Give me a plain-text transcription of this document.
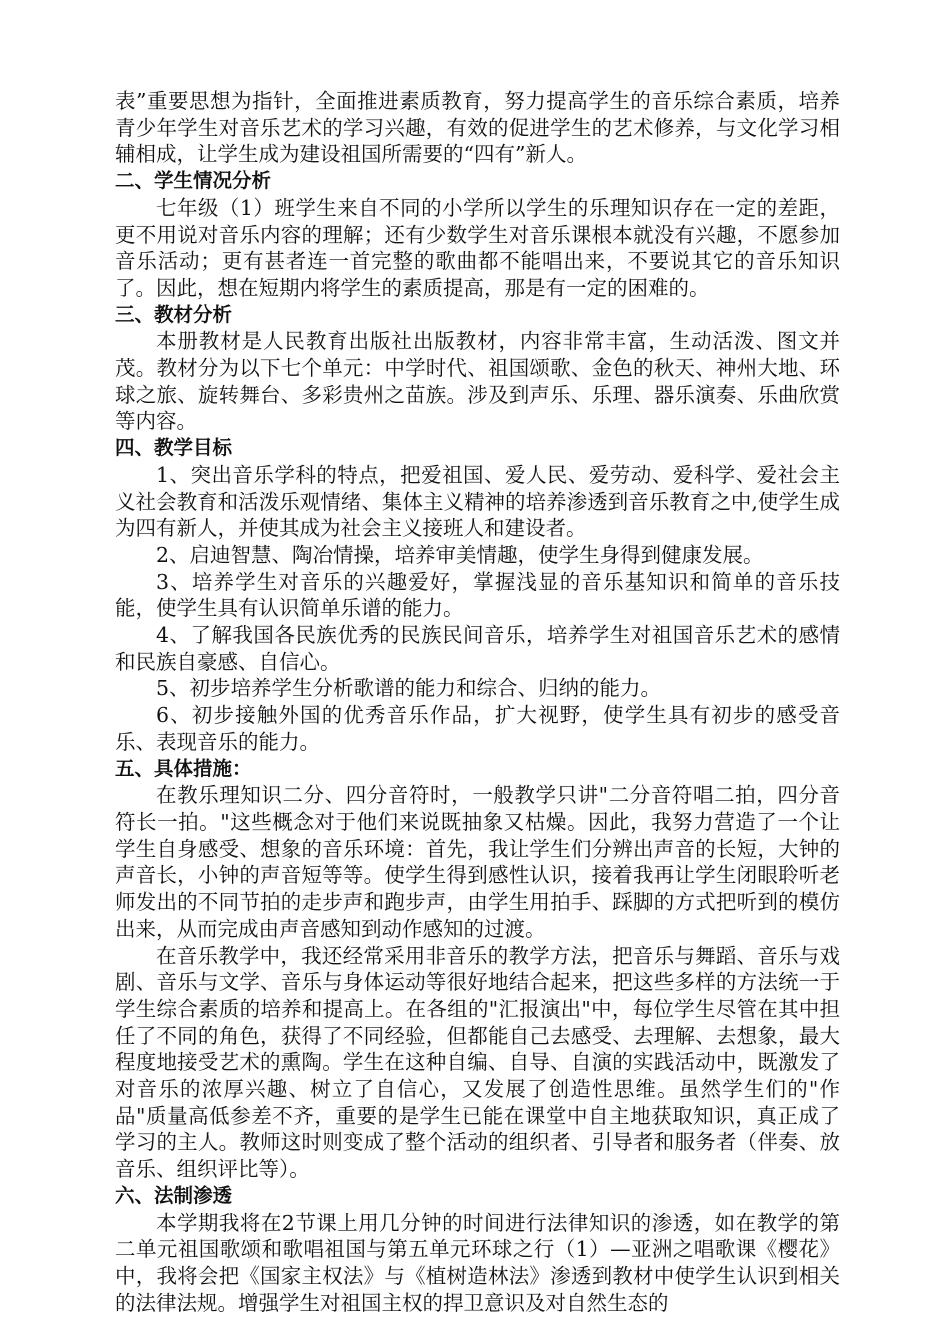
表”重要思想为指针，全面推进素质教育，努力提高学生的音乐综合素质，培养青少年学生对音乐艺术的学习兴趣，有效的促进学生的艺术修养，与文化学习相辅相成，让学生成为建设祖国所需要的“四有”新人。

二、学生情况分析

七年级（1）班学生来自不同的小学所以学生的乐理知识存在一定的差距，更不用说对音乐内容的理解；还有少数学生对音乐课根本就没有兴趣，不愿参加音乐活动；更有甚者连一首完整的歌曲都不能唱出来，不要说其它的音乐知识了。因此，想在短期内将学生的素质提高，那是有一定的困难的。

三、教材分析

本册教材是人民教育出版社出版教材，内容非常丰富，生动活泼、图文并茂。教材分为以下七个单元：中学时代、祖国颂歌、金色的秋天、神州大地、环球之旅、旋转舞台、多彩贵州之苗族。涉及到声乐、乐理、器乐演奏、乐曲欣赏等内容。

四、教学目标

1、突出音乐学科的特点，把爱祖国、爱人民、爱劳动、爱科学、爱社会主义社会教育和活泼乐观情绪、集体主义精神的培养渗透到音乐教育之中,使学生成为四有新人，并使其成为社会主义接班人和建设者。

2、启迪智慧、陶冶情操，培养审美情趣，使学生身得到健康发展。

3、培养学生对音乐的兴趣爱好，掌握浅显的音乐基知识和简单的音乐技能，使学生具有认识简单乐谱的能力。

4、了解我国各民族优秀的民族民间音乐，培养学生对祖国音乐艺术的感情和民族自豪感、自信心。

5、初步培养学生分析歌谱的能力和综合、归纳的能力。

6、初步接触外国的优秀音乐作品，扩大视野，使学生具有初步的感受音乐、表现音乐的能力。

五、具体措施：

在教乐理知识二分、四分音符时，一般教学只讲"二分音符唱二拍，四分音符长一拍。"这些概念对于他们来说既抽象又枯燥。因此，我努力营造了一个让学生自身感受、想象的音乐环境：首先，我让学生们分辨出声音的长短，大钟的声音长，小钟的声音短等等。使学生得到感性认识，接着我再让学生闭眼聆听老师发出的不同节拍的走步声和跑步声，由学生用拍手、踩脚的方式把听到的模仿出来，从而完成由声音感知到动作感知的过渡。

在音乐教学中，我还经常采用非音乐的教学方法，把音乐与舞蹈、音乐与戏剧、音乐与文学、音乐与身体运动等很好地结合起来，把这些多样的方法统一于学生综合素质的培养和提高上。在各组的"汇报演出"中，每位学生尽管在其中担任了不同的角色，获得了不同经验，但都能自己去感受、去理解、去想象，最大程度地接受艺术的熏陶。学生在这种自编、自导、自演的实践活动中，既激发了对音乐的浓厚兴趣、树立了自信心，又发展了创造性思维。虽然学生们的"作品"质量高低参差不齐，重要的是学生已能在课堂中自主地获取知识，真正成了学习的主人。教师这时则变成了整个活动的组织者、引导者和服务者（伴奏、放音乐、组织评比等）。

六、法制渗透

本学期我将在2节课上用几分钟的时间进行法律知识的渗透，如在教学的第二单元祖国歌颂和歌唱祖国与第五单元环球之行（1）—亚洲之唱歌课《樱花》中，我将会把《国家主权法》与《植树造林法》渗透到教材中使学生认识到相关的法律法规。增强学生对祖国主权的捍卫意识及对自然生态的
